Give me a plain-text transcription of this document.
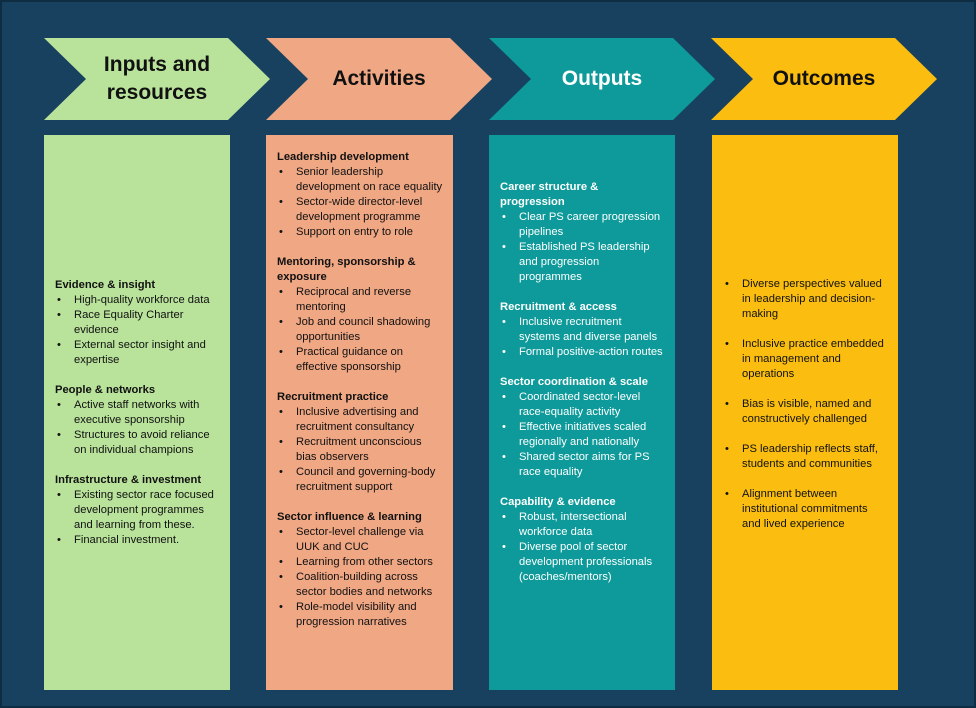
Inputs and resources
Activities	Outputs	Outcomes
Evidence & insight
• High-quality workforce data
• Race Equality Charter evidence
• External sector insight and expertise
People & networks
• Active staff networks with executive sponsorship
• Structures to avoid reliance on individual champions
Infrastructure & investment
• Existing sector race focused development programmes and learning from these.
• Financial investment.
Leadership development
• Senior leadership development on race equality
• Sector-wide director-level development programme
• Support on entry to role
Mentoring, sponsorship & exposure
• Reciprocal and reverse mentoring
• Job and council shadowing opportunities
• Practical guidance on effective sponsorship
Recruitment practice
• Inclusive advertising and recruitment consultancy
• Recruitment unconscious bias observers
• Council and governing-body recruitment support
Sector influence & learning
• Sector-level challenge via UUK and CUC
• Learning from other sectors
• Coalition-building across sector bodies and networks
• Role-model visibility and progression narratives
Career structure & progression
• Clear PS career progression pipelines
• Established PS leadership and progression programmes
Recruitment & access
• Inclusive recruitment systems and diverse panels
• Formal positive-action routes
Sector coordination & scale
• Coordinated sector-level race-equality activity
• Effective initiatives scaled regionally and nationally
• Shared sector aims for PS race equality
Capability & evidence
• Robust, intersectional workforce data
• Diverse pool of sector development professionals (coaches/mentors)
• Diverse perspectives valued in leadership and decision-making
• Inclusive practice embedded in management and operations
• Bias is visible, named and constructively challenged
• PS leadership reflects staff, students and communities
• Alignment between institutional commitments and lived experience
